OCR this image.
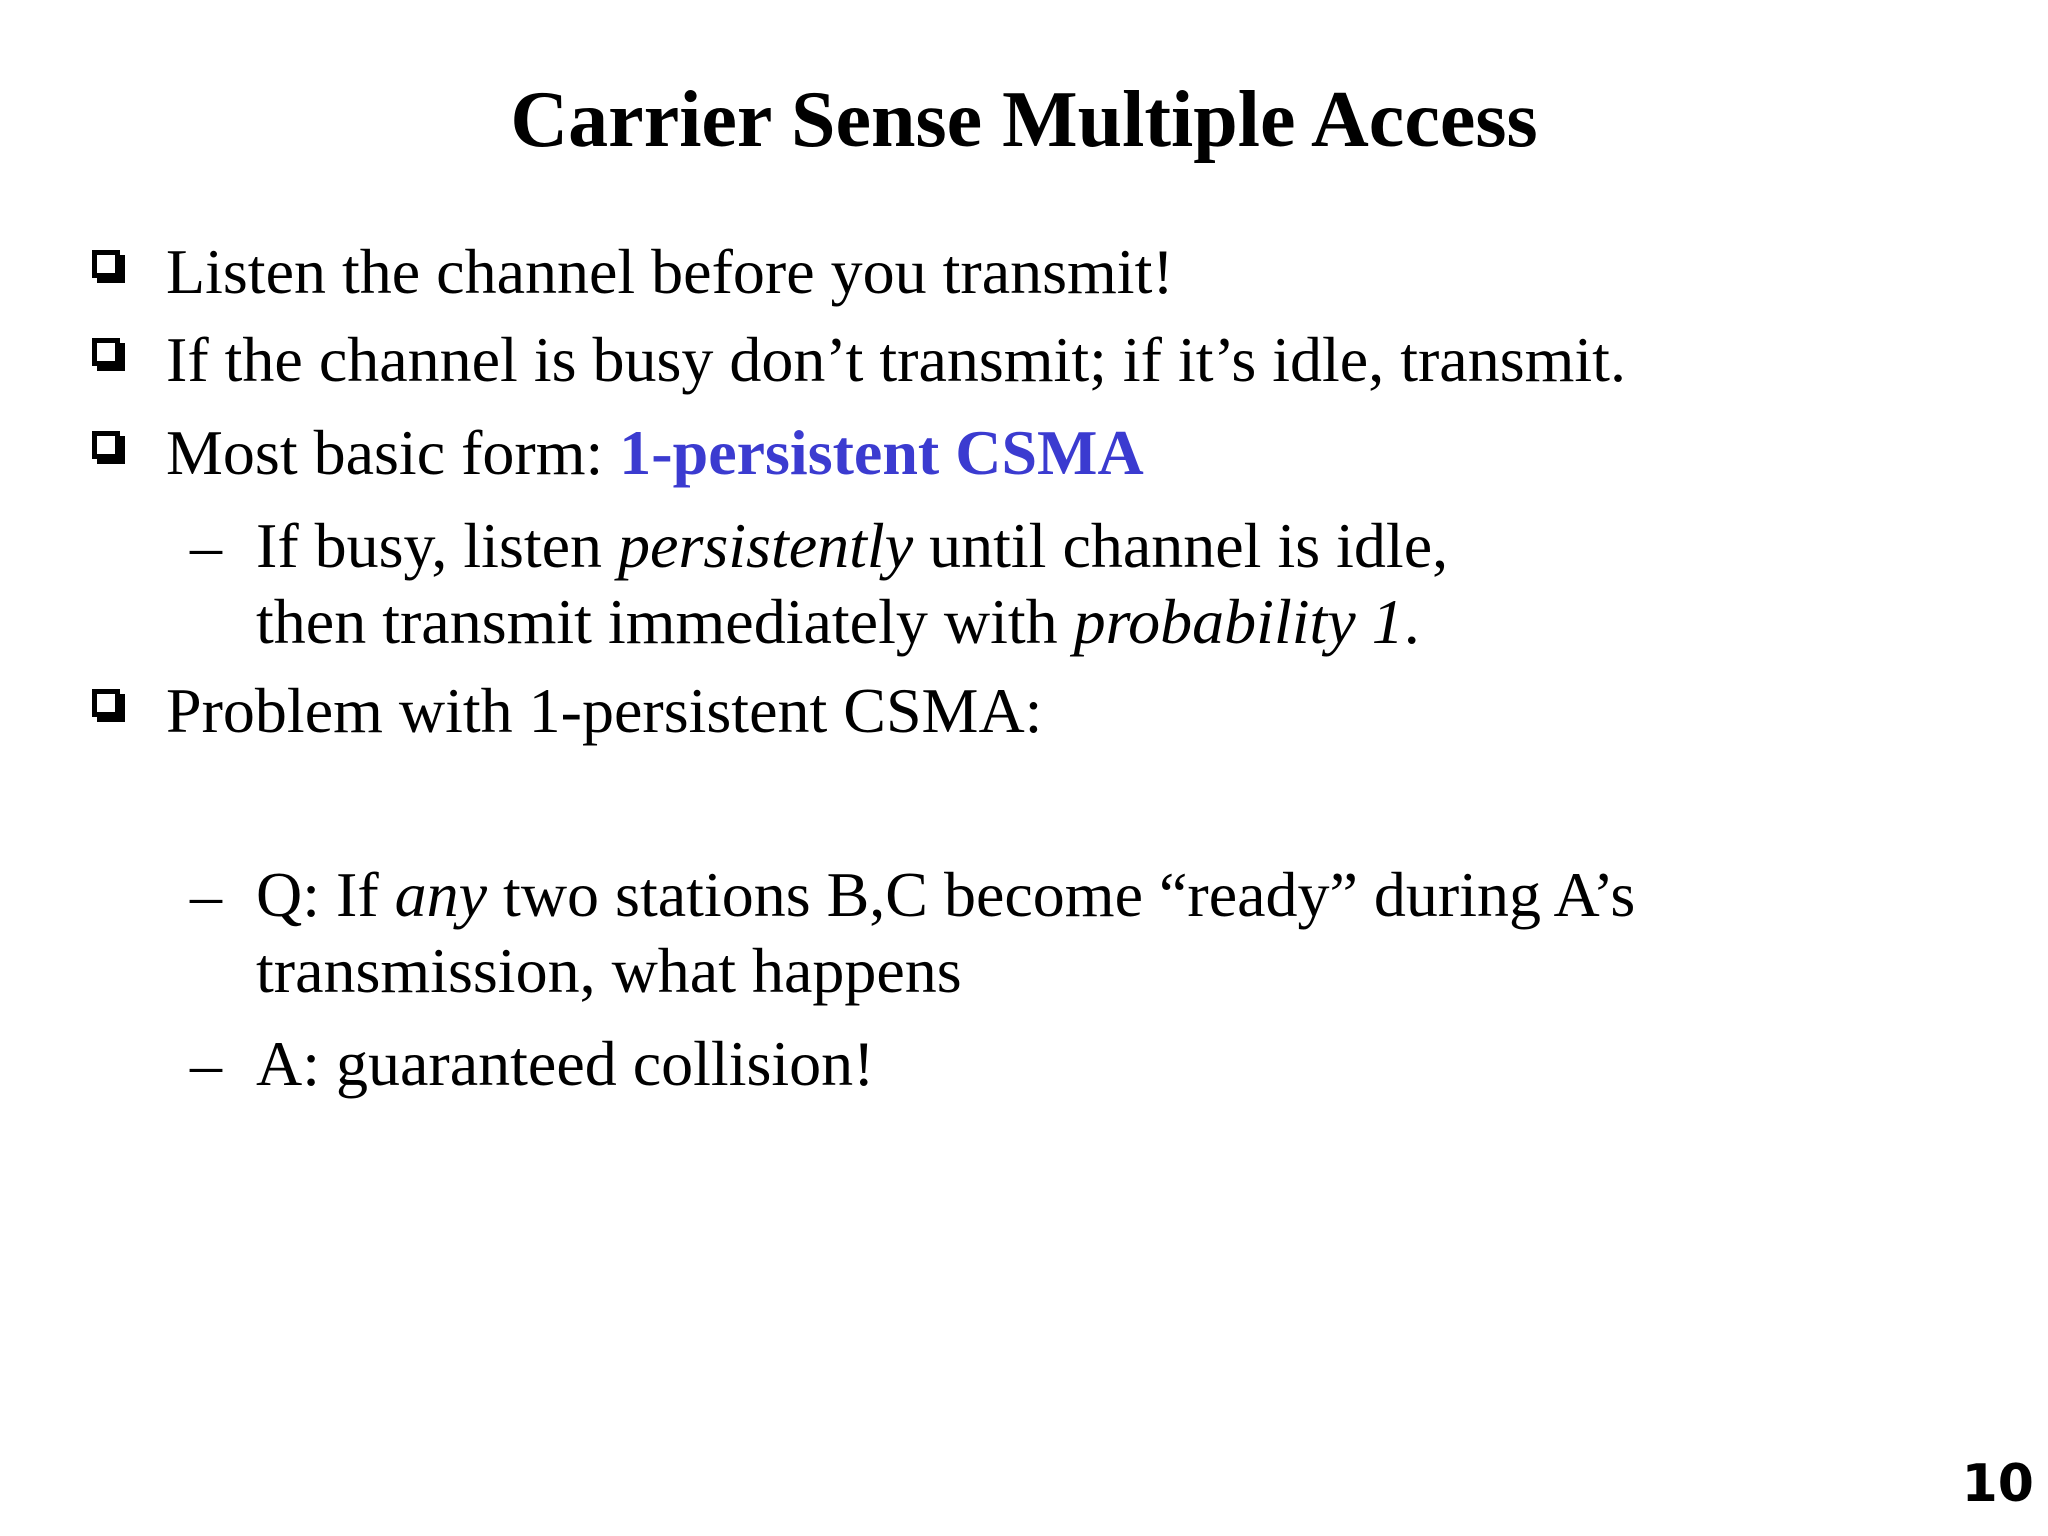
Carrier Sense Multiple Access
Listen the channel before you transmit!
If the channel is busy don’t transmit; if it’s idle, transmit.
Most basic form: 1-persistent CSMA
– If busy, listen persistently until channel is idle,
then transmit immediately with probability 1.
Problem with 1-persistent CSMA:
– Q: If any two stations B,C become “ready” during A’s
transmission, what happens
– A: guaranteed collision!
10
